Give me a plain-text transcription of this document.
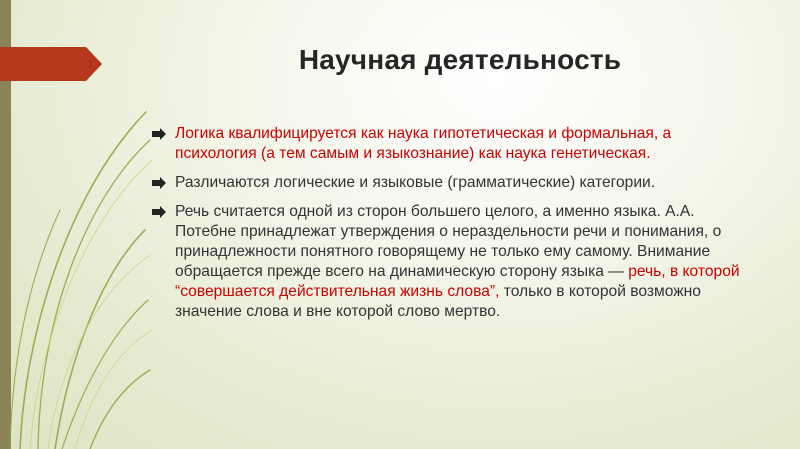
Научная деятельность
Логика квалифицируется как наука гипотетическая и формальная, а психология (а тем самым и языкознание) как наука генетическая.
Различаются логические и языковые (грамматические) категории.
Речь считается одной из сторон большего целого, а именно языка. А.А. Потебне принадлежат утверждения о нераздельности речи и понимания, о принадлежности понятного говорящему не только ему самому. Внимание обращается прежде всего на динамическую сторону языка — речь, в которой “совершается действительная жизнь слова”, только в которой возможно значение слова и вне которой слово мертво.
